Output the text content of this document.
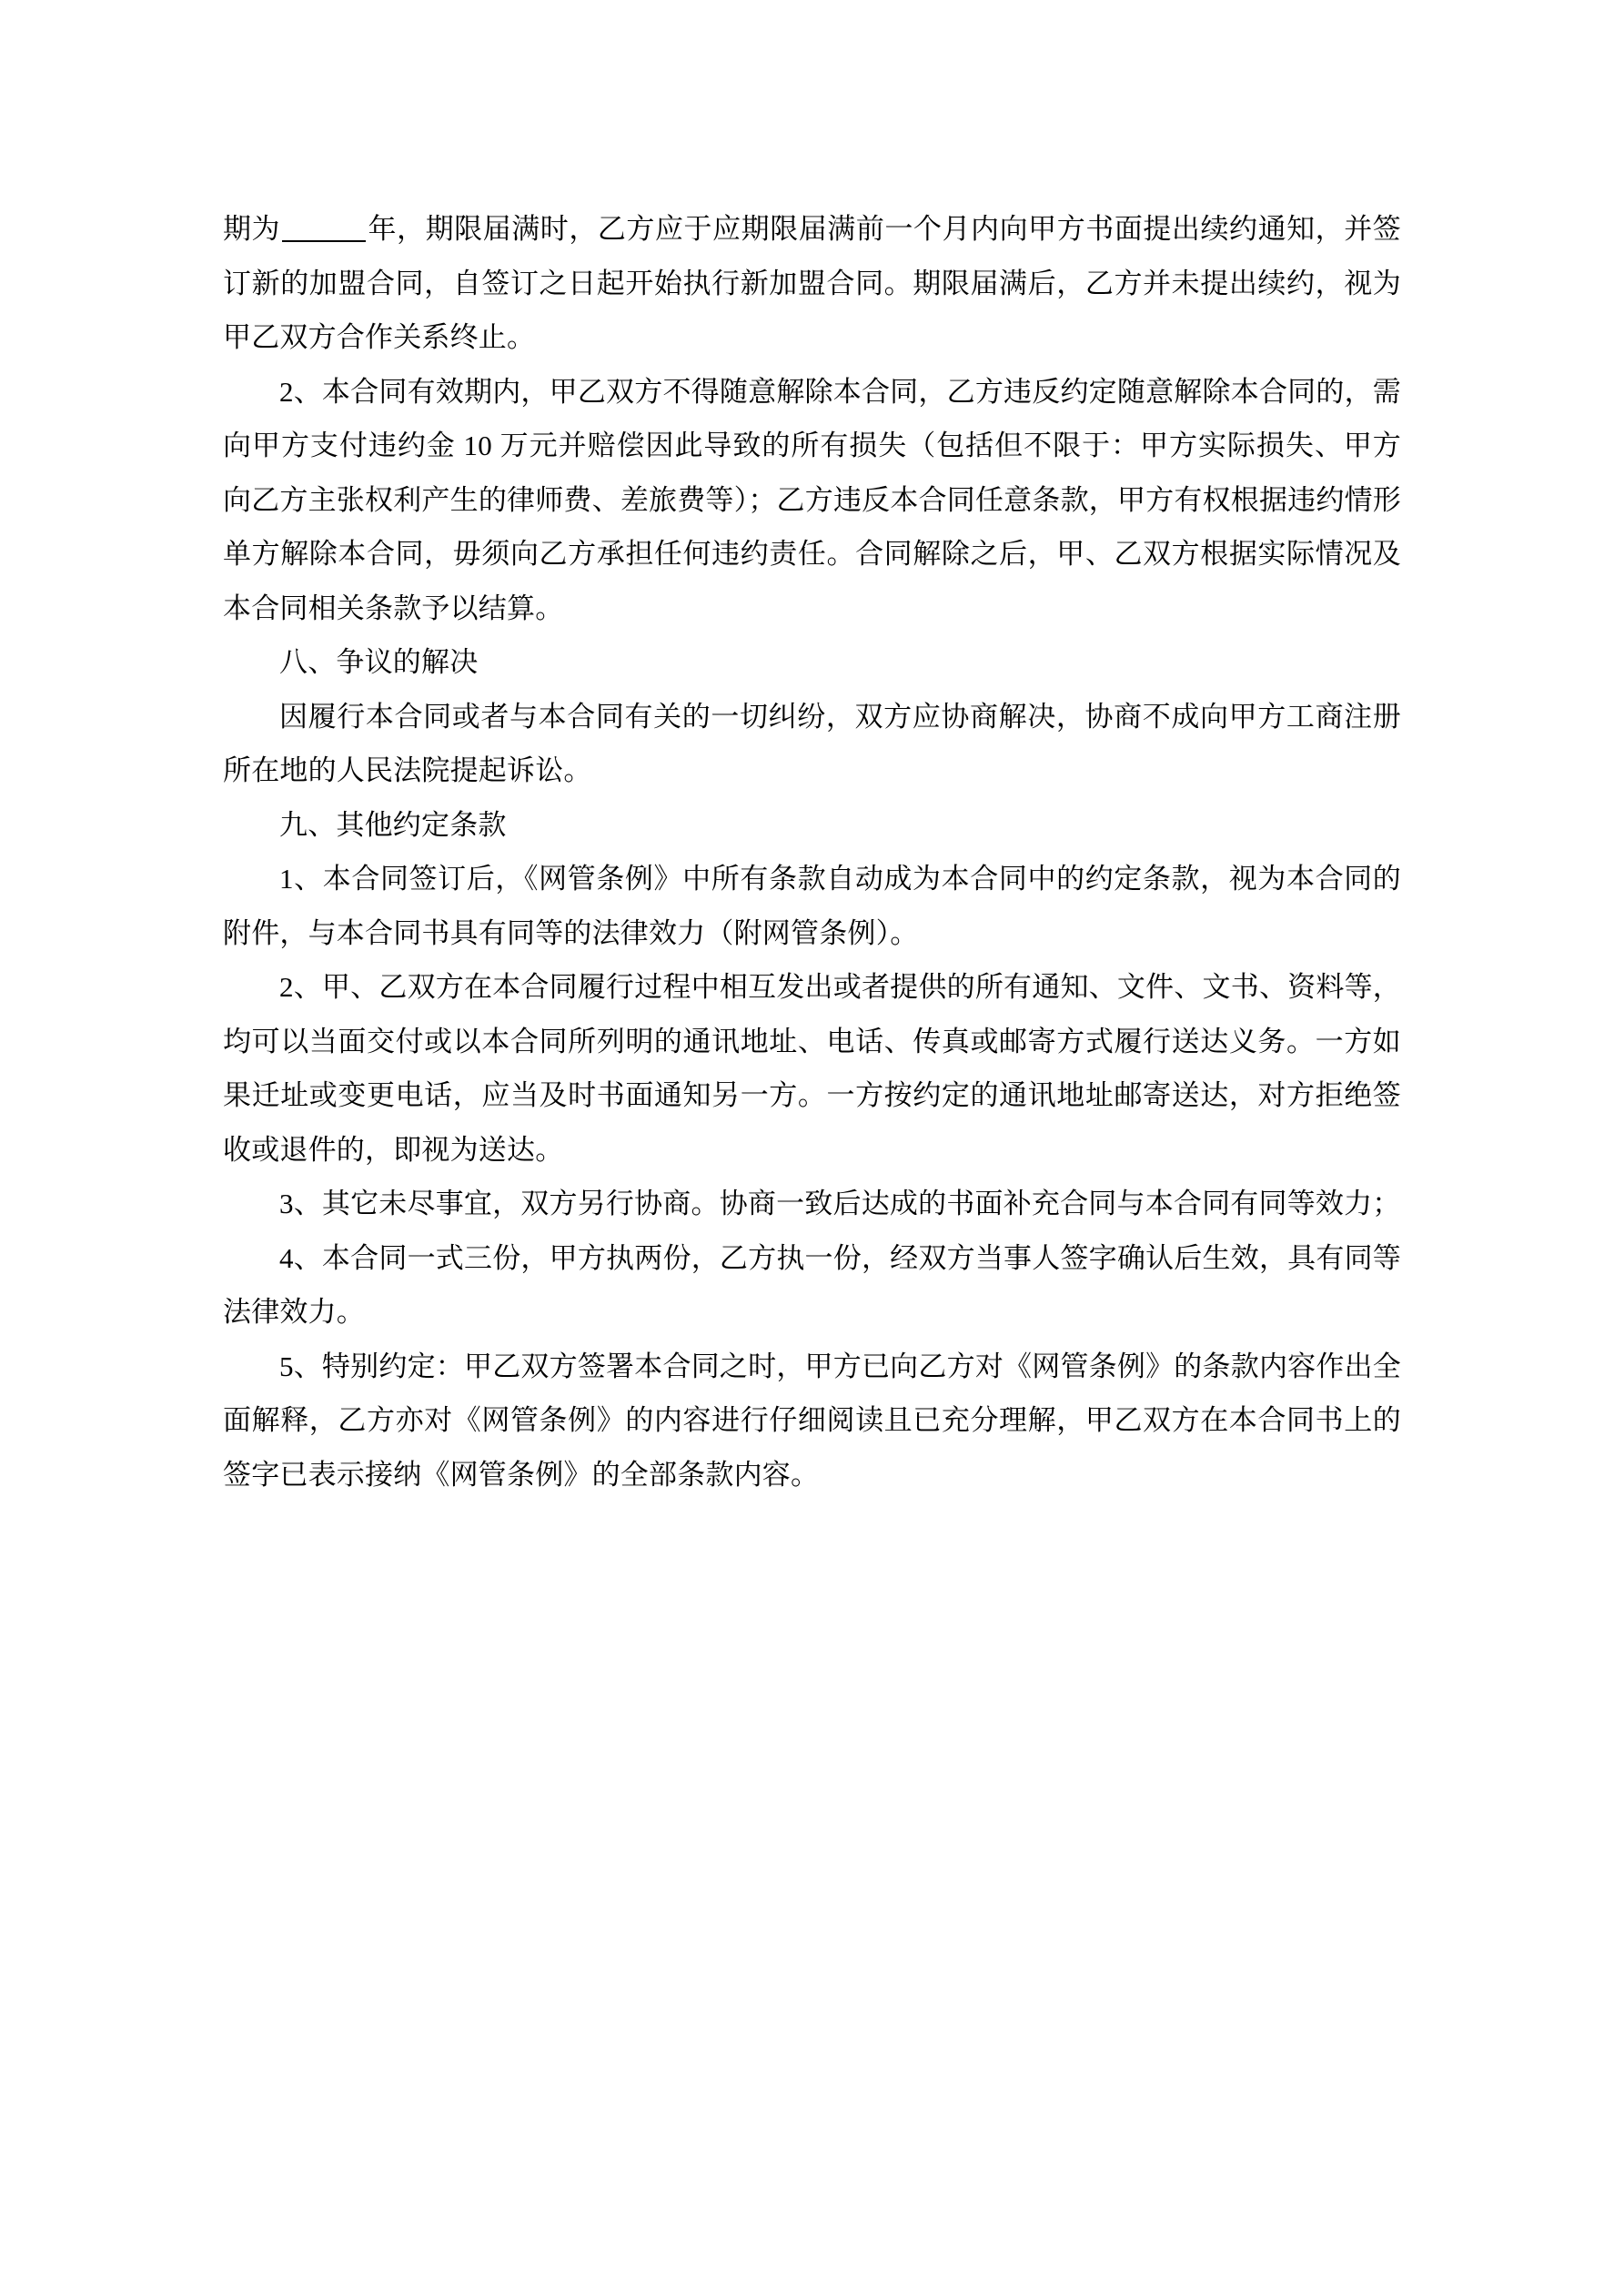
期为	年，期限届满时，乙方应于应期限届满前一个月内向甲方书面提出续约通知，并签订新的加盟合同，自签订之日起开始执行新加盟合同。期限届满后，乙方并未提出续约，视为甲乙双方合作关系终止。

2、本合同有效期内，甲乙双方不得随意解除本合同，乙方违反约定随意解除本合同的，需向甲方支付违约金 10 万元并赔偿因此导致的所有损失（包括但不限于：甲方实际损失、甲方向乙方主张权利产生的律师费、差旅费等）；乙方违反本合同任意条款，甲方有权根据违约情形单方解除本合同，毋须向乙方承担任何违约责任。合同解除之后，甲、乙双方根据实际情况及本合同相关条款予以结算。

八、争议的解决

因履行本合同或者与本合同有关的一切纠纷，双方应协商解决，协商不成向甲方工商注册所在地的人民法院提起诉讼。

九、其他约定条款

1、本合同签订后，《网管条例》中所有条款自动成为本合同中的约定条款，视为本合同的附件，与本合同书具有同等的法律效力（附网管条例）。

2、甲、乙双方在本合同履行过程中相互发出或者提供的所有通知、文件、文书、资料等，均可以当面交付或以本合同所列明的通讯地址、电话、传真或邮寄方式履行送达义务。一方如果迁址或变更电话，应当及时书面通知另一方。一方按约定的通讯地址邮寄送达，对方拒绝签收或退件的，即视为送达。

3、其它未尽事宜，双方另行协商。协商一致后达成的书面补充合同与本合同有同等效力；

4、本合同一式三份，甲方执两份，乙方执一份，经双方当事人签字确认后生效，具有同等法律效力。

5、特别约定：甲乙双方签署本合同之时，甲方已向乙方对《网管条例》的条款内容作出全面解释，乙方亦对《网管条例》的内容进行仔细阅读且已充分理解，甲乙双方在本合同书上的签字已表示接纳《网管条例》的全部条款内容。
